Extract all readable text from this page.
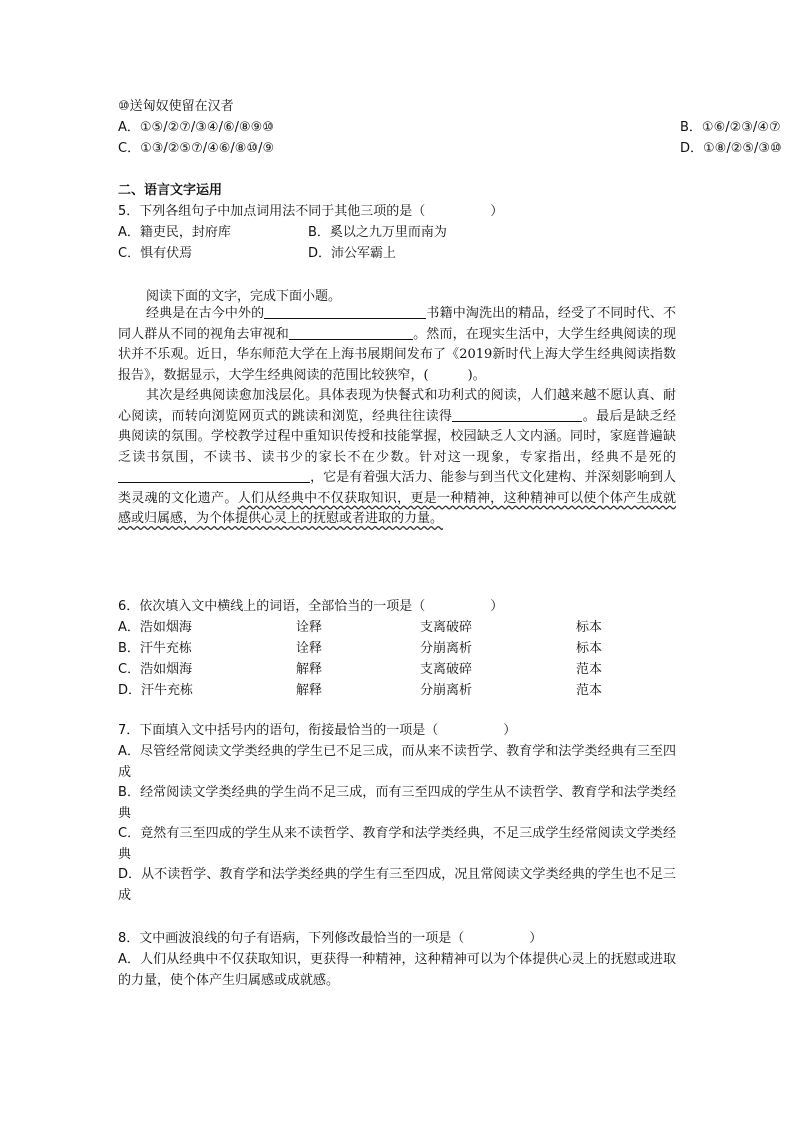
⑩送匈奴使留在汉者
A．①⑤/②⑦/③④/⑥/⑧⑨⑩	B．①⑥/②③/④⑦
C．①③/②⑤⑦/④⑥/⑧⑩/⑨	D．①⑧/②⑤/③⑩
二、语言文字运用
5．下列各组句子中加点词用法不同于其他三项的是（　　　　　）
A．籍吏民，封府库	B．奚以之九万里而南为
C．惧有伏焉	D．沛公军霸上
阅读下面的文字，完成下面小题。

经典是在古今中外的	书籍中淘洗出的精品，经受了不同时代、不同人群从不同的视角去审视和	。然而，在现实生活中，大学生经典阅读的现状并不乐观。近日，华东师范大学在上海书展期间发布了《2019新时代上海大学生经典阅读指数报告》，数据显示，大学生经典阅读的范围比较狭窄，(　　　)。

其次是经典阅读愈加浅层化。具体表现为快餐式和功利式的阅读，人们越来越不愿认真、耐心阅读，而转向浏览网页式的跳读和浏览，经典往往读得	。最后是缺乏经典阅读的氛围。学校教学过程中重知识传授和技能掌握，校园缺乏人文内涵。同时，家庭普遍缺乏读书氛围，不读书、读书少的家长不在少数。针对这一现象，专家指出，经典不是死的，它是有着强大活力、能参与到当代文化建构、并深刻影响到人类灵魂的文化遗产。人们从经典中不仅获取知识，更是一种精神，这种精神可以使个体产生成就感或归属感，为个体提供心灵上的抚慰或者进取的力量。

6．依次填入文中横线上的词语，全部恰当的一项是（　　　　　）
A．浩如烟海	诠释	支离破碎	标本
B．汗牛充栋	诠释	分崩离析	标本
C．浩如烟海	解释	支离破碎	范本
D．汗牛充栋	解释	分崩离析	范本
7．下面填入文中括号内的语句，衔接最恰当的一项是（　　　　　）

A．尽管经常阅读文学类经典的学生已不足三成，而从来不读哲学、教育学和法学类经典有三至四成

B．经常阅读文学类经典的学生尚不足三成，而有三至四成的学生从不读哲学、教育学和法学类经典

C．竟然有三至四成的学生从来不读哲学、教育学和法学类经典，不足三成学生经常阅读文学类经典

D．从不读哲学、教育学和法学类经典的学生有三至四成，况且常阅读文学类经典的学生也不足三成

8．文中画波浪线的句子有语病，下列修改最恰当的一项是（　　　　　）

A．人们从经典中不仅获取知识，更获得一种精神，这种精神可以为个体提供心灵上的抚慰或进取的力量，使个体产生归属感或成就感。
